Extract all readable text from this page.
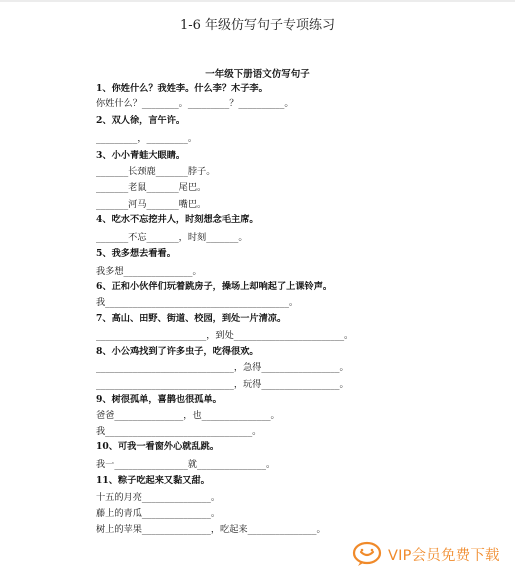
1-6 年级仿写句子专项练习
一年级下册语文仿写句子
1、你姓什么？我姓李。什么李？木子李。
你姓什么？________。_________？__________。
2、双人徐，言午许。
_________，_________。
3、小小青蛙大眼睛。
_______长颈鹿_______脖子。
_______老鼠_______尾巴。
_______河马_______嘴巴。
4、吃水不忘挖井人，时刻想念毛主席。
_______不忘_______，时刻_______。
5、我多想去看看。
我多想_______________。
6、正和小伙伴们玩着跳房子，操场上却响起了上课铃声。
我________________________________________。
7、高山、田野、街道、校园，到处一片清凉。
________________________，到处________________________。
8、小公鸡找到了许多虫子，吃得很欢。
______________________________，急得_________________。
______________________________，玩得_________________。
9、树很孤单，喜鹊也很孤单。
爸爸_______________，也_______________。
我________________________________。
10、可我一看窗外心就乱跳。
我一________________就_______________。
11、粽子吃起来又黏又甜。
十五的月亮_______________。
藤上的青瓜_______________。
树上的苹果_______________，吃起来_______________。
VIP会员免费下载
